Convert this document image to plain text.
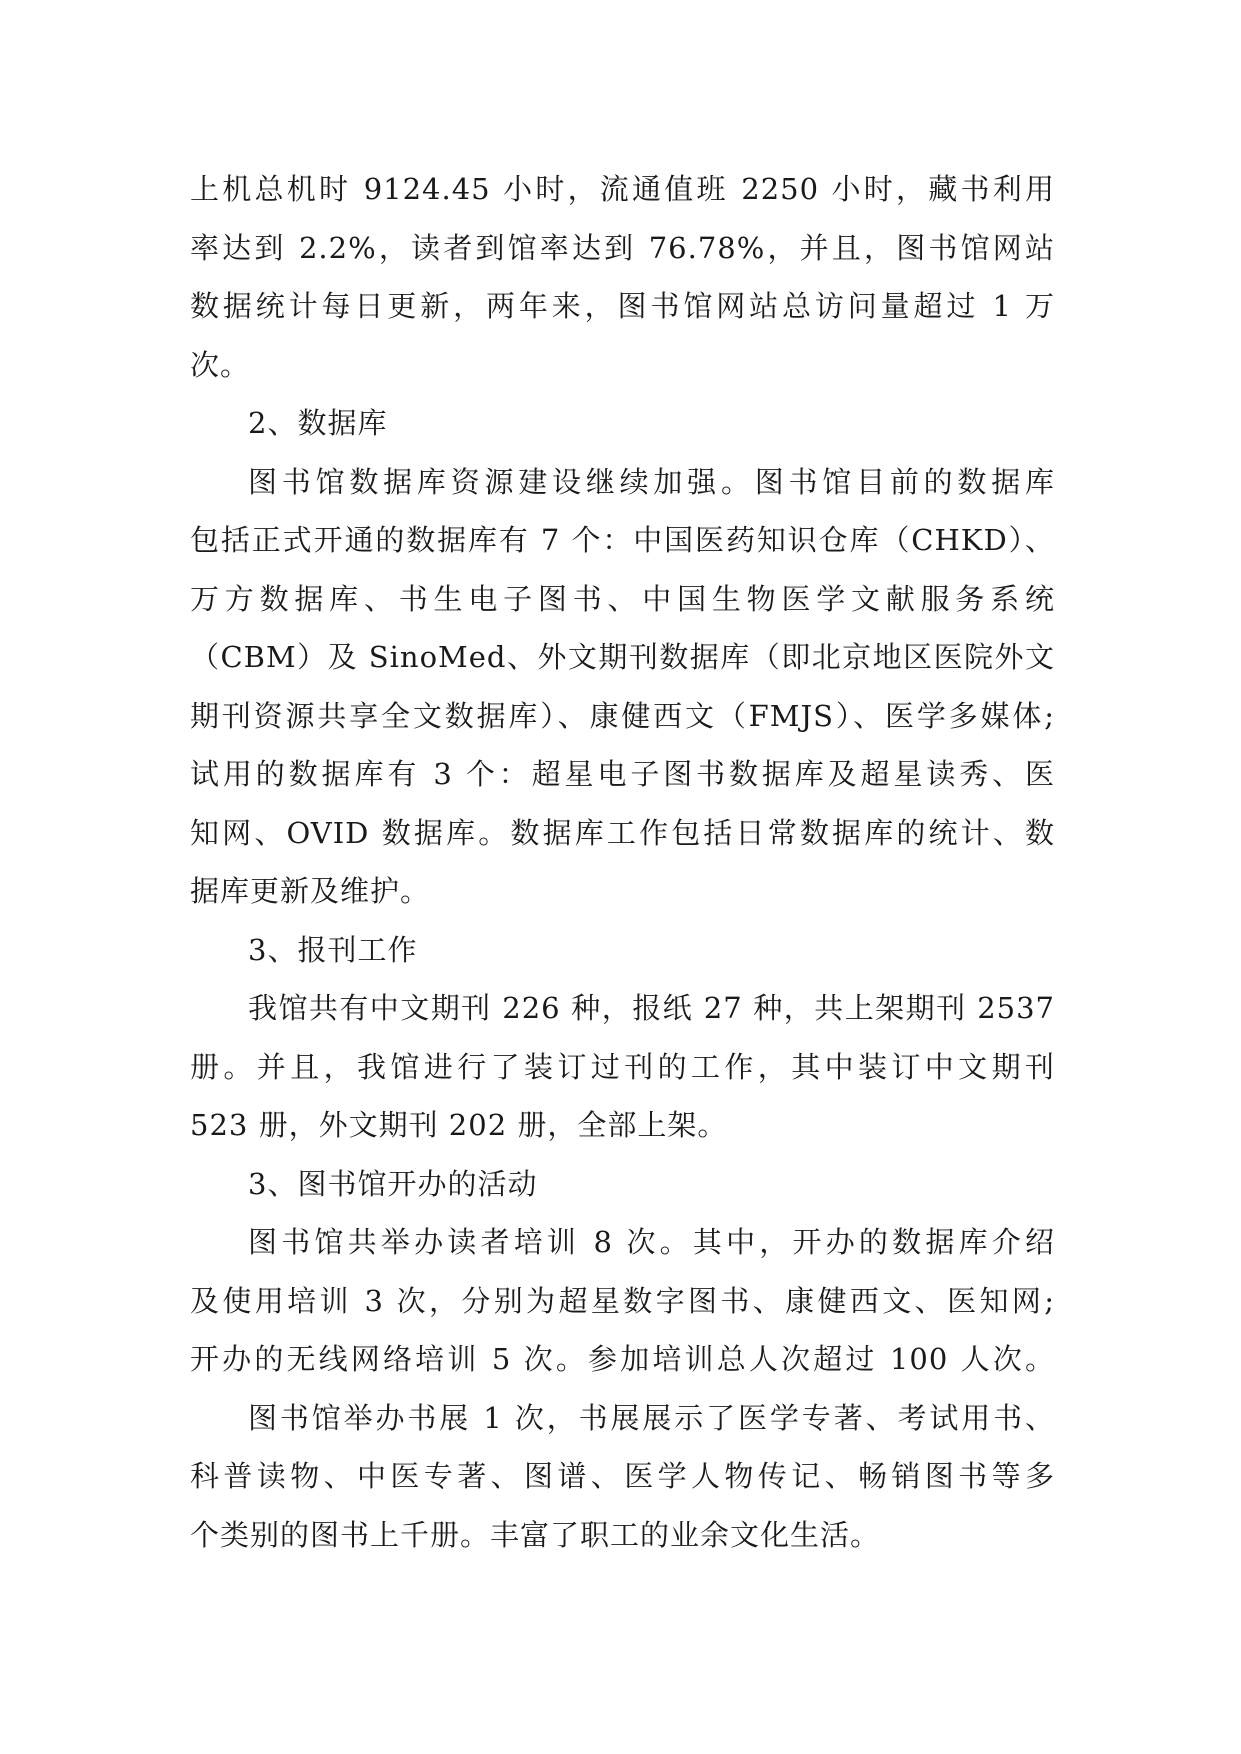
上机总机时 9124.45 小时，流通值班 2250 小时，藏书利用
率达到 2.2%，读者到馆率达到 76.78%，并且，图书馆网站
数据统计每日更新，两年来，图书馆网站总访问量超过 1 万
次。
2、数据库
图书馆数据库资源建设继续加强。图书馆目前的数据库
包括正式开通的数据库有 7 个：中国医药知识仓库（CHKD）、
万方数据库、书生电子图书、中国生物医学文献服务系统
（CBM）及 SinoMed、外文期刊数据库（即北京地区医院外文
期刊资源共享全文数据库）、康健西文（FMJS）、医学多媒体;
试用的数据库有 3 个：超星电子图书数据库及超星读秀、医
知网、OVID 数据库。数据库工作包括日常数据库的统计、数
据库更新及维护。
3、报刊工作
我馆共有中文期刊 226 种，报纸 27 种，共上架期刊 2537
册。并且，我馆进行了装订过刊的工作，其中装订中文期刊
523 册，外文期刊 202 册，全部上架。
3、图书馆开办的活动
图书馆共举办读者培训 8 次。其中，开办的数据库介绍
及使用培训 3 次，分别为超星数字图书、康健西文、医知网;
开办的无线网络培训 5 次。参加培训总人次超过 100 人次。
图书馆举办书展 1 次，书展展示了医学专著、考试用书、
科普读物、中医专著、图谱、医学人物传记、畅销图书等多
个类别的图书上千册。丰富了职工的业余文化生活。
